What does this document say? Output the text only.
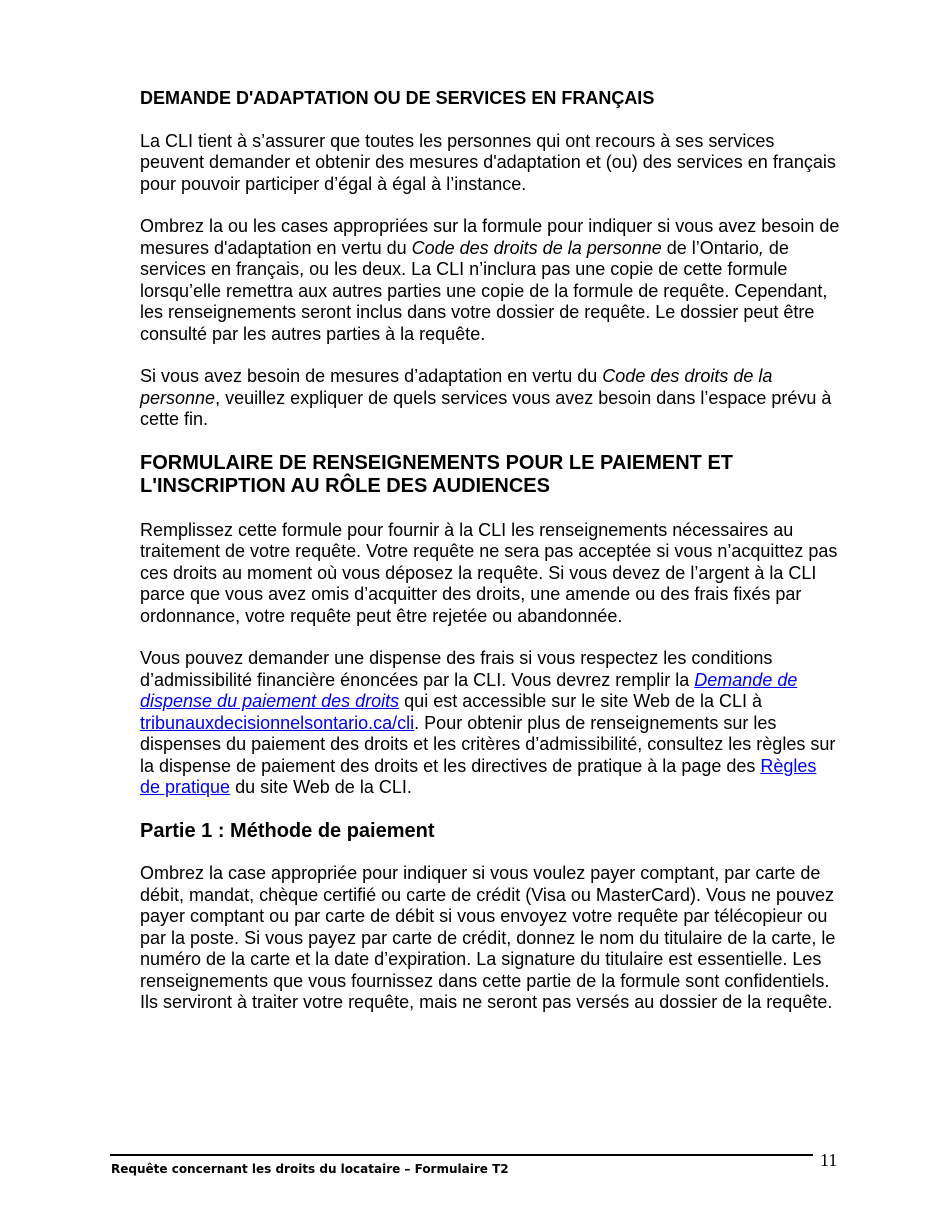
DEMANDE D'ADAPTATION OU DE SERVICES EN FRANÇAIS

La CLI tient à s’assurer que toutes les personnes qui ont recours à ses services peuvent demander et obtenir des mesures d'adaptation et (ou) des services en français pour pouvoir participer d’égal à égal à l’instance.

Ombrez la ou les cases appropriées sur la formule pour indiquer si vous avez besoin de mesures d'adaptation en vertu du Code des droits de la personne de l’Ontario, de services en français, ou les deux. La CLI n’inclura pas une copie de cette formule lorsqu’elle remettra aux autres parties une copie de la formule de requête. Cependant, les renseignements seront inclus dans votre dossier de requête. Le dossier peut être consulté par les autres parties à la requête.

Si vous avez besoin de mesures d’adaptation en vertu du Code des droits de la personne, veuillez expliquer de quels services vous avez besoin dans l’espace prévu à cette fin.

FORMULAIRE DE RENSEIGNEMENTS POUR LE PAIEMENT ET
L'INSCRIPTION AU RÔLE DES AUDIENCES

Remplissez cette formule pour fournir à la CLI les renseignements nécessaires au traitement de votre requête. Votre requête ne sera pas acceptée si vous n’acquittez pas ces droits au moment où vous déposez la requête. Si vous devez de l’argent à la CLI parce que vous avez omis d’acquitter des droits, une amende ou des frais fixés par ordonnance, votre requête peut être rejetée ou abandonnée.

Vous pouvez demander une dispense des frais si vous respectez les conditions d’admissibilité financière énoncées par la CLI. Vous devrez remplir la Demande de dispense du paiement des droits qui est accessible sur le site Web de la CLI à tribunauxdecisionnelsontario.ca/cli. Pour obtenir plus de renseignements sur les dispenses du paiement des droits et les critères d’admissibilité, consultez les règles sur la dispense de paiement des droits et les directives de pratique à la page des Règles de pratique du site Web de la CLI.

Partie 1 : Méthode de paiement

Ombrez la case appropriée pour indiquer si vous voulez payer comptant, par carte de débit, mandat, chèque certifié ou carte de crédit (Visa ou MasterCard). Vous ne pouvez payer comptant ou par carte de débit si vous envoyez votre requête par télécopieur ou par la poste. Si vous payez par carte de crédit, donnez le nom du titulaire de la carte, le numéro de la carte et la date d’expiration. La signature du titulaire est essentielle. Les renseignements que vous fournissez dans cette partie de la formule sont confidentiels. Ils serviront à traiter votre requête, mais ne seront pas versés au dossier de la requête.

Requête concernant les droits du locataire – Formulaire T2	11
